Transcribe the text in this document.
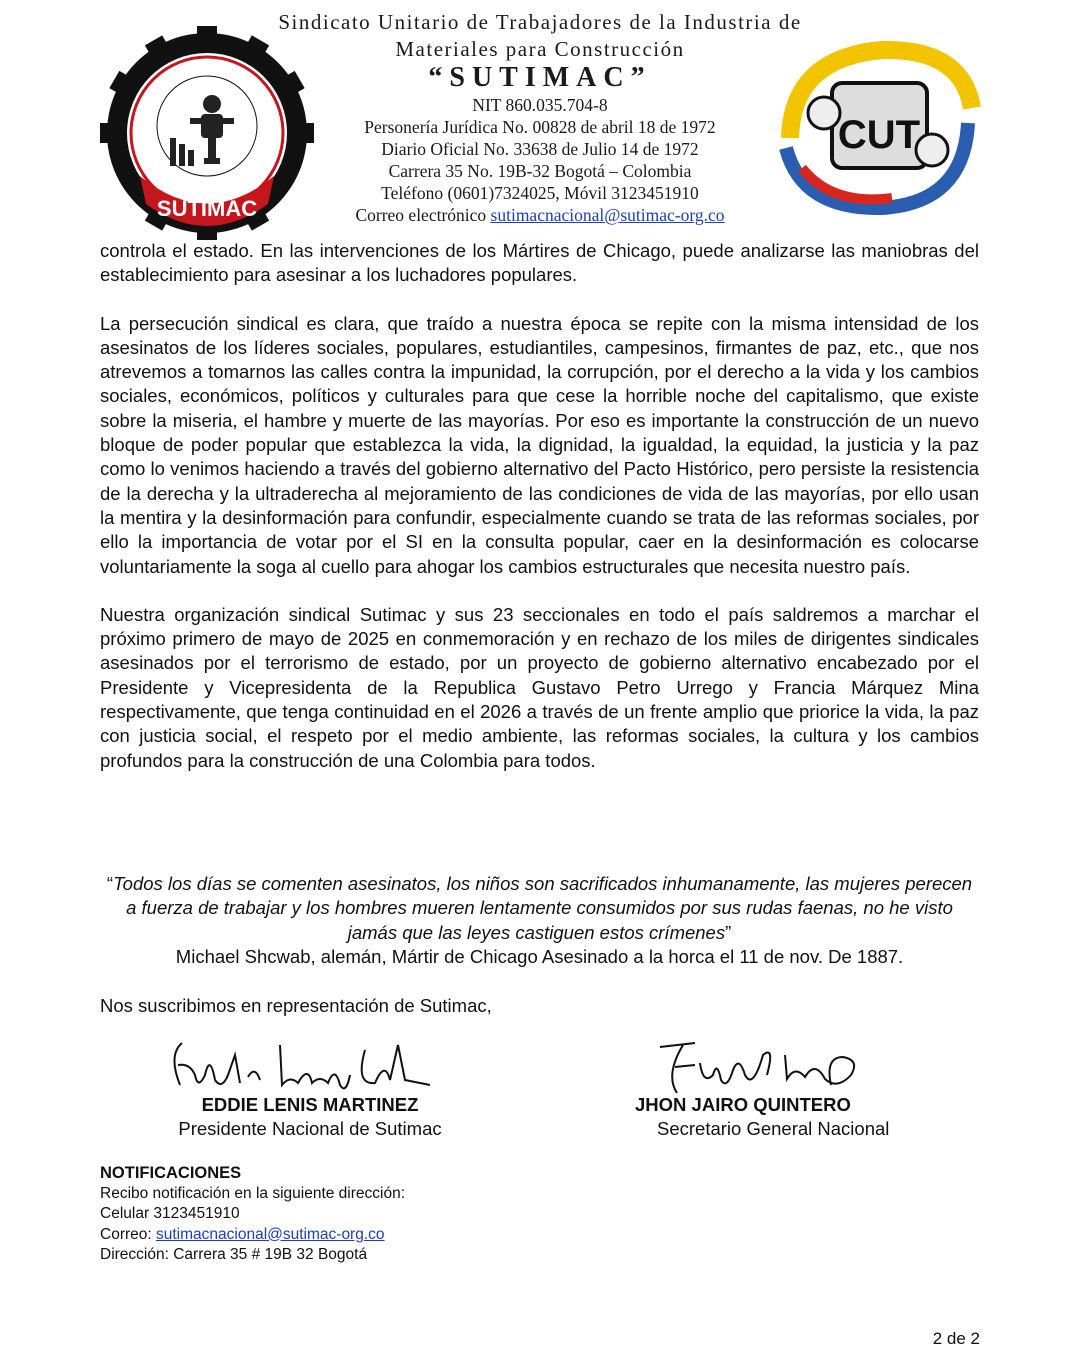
SUTIMAC
Sindicato Unitario de Trabajadores de la Industria de
Materiales para Construcción
“SUTIMAC”
NIT 860.035.704-8
Personería Jurídica No. 00828 de abril 18 de 1972
Diario Oficial No. 33638 de Julio 14 de 1972
Carrera 35 No. 19B-32 Bogotá – Colombia
Teléfono (0601)7324025, Móvil 3123451910
Correo electrónico sutimacnacional@sutimac-org.co
CUT

controla el estado. En las intervenciones de los Mártires de Chicago, puede analizarse las maniobras del establecimiento para asesinar a los luchadores populares.

La persecución sindical es clara, que traído a nuestra época se repite con la misma intensidad de los asesinatos de los líderes sociales, populares, estudiantiles, campesinos, firmantes de paz, etc., que nos atrevemos a tomarnos las calles contra la impunidad, la corrupción, por el derecho a la vida y los cambios sociales, económicos, políticos y culturales para que cese la horrible noche del capitalismo, que existe sobre la miseria, el hambre y muerte de las mayorías. Por eso es importante la construcción de un nuevo bloque de poder popular que establezca la vida, la dignidad, la igualdad, la equidad, la justicia y la paz como lo venimos haciendo a través del gobierno alternativo del Pacto Histórico, pero persiste la resistencia de la derecha y la ultraderecha al mejoramiento de las condiciones de vida de las mayorías, por ello usan la mentira y la desinformación para confundir, especialmente cuando se trata de las reformas sociales, por ello la importancia de votar por el SI en la consulta popular, caer en la desinformación es colocarse voluntariamente la soga al cuello para ahogar los cambios estructurales que necesita nuestro país.

Nuestra organización sindical Sutimac y sus 23 seccionales en todo el país saldremos a marchar el próximo primero de mayo de 2025 en conmemoración y en rechazo de los miles de dirigentes sindicales asesinados por el terrorismo de estado, por un proyecto de gobierno alternativo encabezado por el Presidente y Vicepresidenta de la Republica Gustavo Petro Urrego y Francia Márquez Mina respectivamente, que tenga continuidad en el 2026 a través de un frente amplio que priorice la vida, la paz con justicia social, el respeto por el medio ambiente, las reformas sociales, la cultura y los cambios profundos para la construcción de una Colombia para todos.

“Todos los días se comenten asesinatos, los niños son sacrificados inhumanamente, las mujeres perecen a fuerza de trabajar y los hombres mueren lentamente consumidos por sus rudas faenas, no he visto jamás que las leyes castiguen estos crímenes”
Michael Shcwab, alemán, Mártir de Chicago Asesinado a la horca el 11 de nov. De 1887.
Nos suscribimos en representación de Sutimac,
EDDIE LENIS MARTINEZ
Presidente Nacional de Sutimac
JHON JAIRO QUINTERO
Secretario General Nacional
NOTIFICACIONES
Recibo notificación en la siguiente dirección:
Celular 3123451910
Correo: sutimacnacional@sutimac-org.co
Dirección: Carrera 35 # 19B 32 Bogotá
2 de 2
